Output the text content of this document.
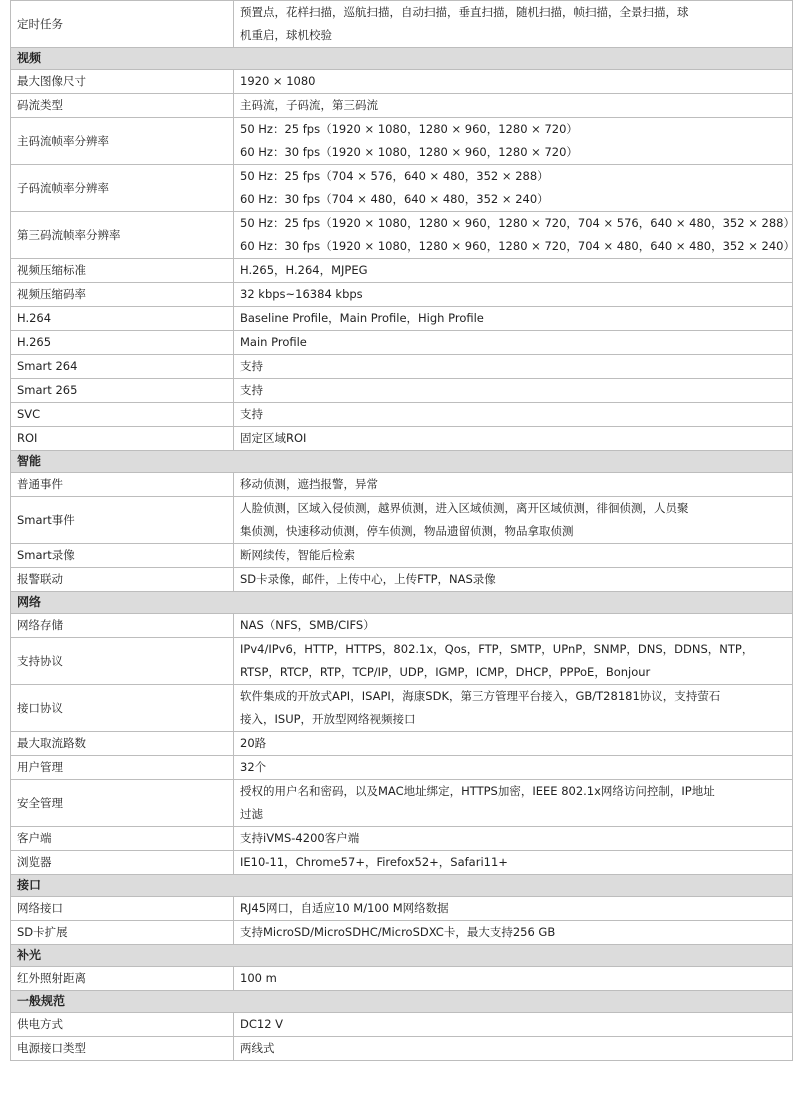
定时任务	预置点，花样扫描，巡航扫描，自动扫描，垂直扫描，随机扫描，帧扫描，全景扫描，球
机重启，球机校验

视频	
最大图像尺寸	1920 × 1080

码流类型	主码流，子码流，第三码流

主码流帧率分辨率	50 Hz：25 fps（1920 × 1080，1280 × 960，1280 × 720）
60 Hz：30 fps（1920 × 1080，1280 × 960，1280 × 720）

子码流帧率分辨率	50 Hz：25 fps（704 × 576，640 × 480，352 × 288）
60 Hz：30 fps（704 × 480，640 × 480，352 × 240）

第三码流帧率分辨率	50 Hz：25 fps（1920 × 1080，1280 × 960，1280 × 720，704 × 576，640 × 480，352 × 288）
60 Hz：30 fps（1920 × 1080，1280 × 960，1280 × 720，704 × 480，640 × 480，352 × 240）

视频压缩标准	H.265，H.264，MJPEG

视频压缩码率	32 kbps~16384 kbps

H.264	Baseline Profile，Main Profile，High Profile

H.265	Main Profile

Smart 264	支持

Smart 265	支持

SVC	支持

ROI	固定区域ROI

智能	
普通事件	移动侦测，遮挡报警，异常

Smart事件	人脸侦测，区域入侵侦测，越界侦测，进入区域侦测，离开区域侦测，徘徊侦测，人员聚
集侦测，快速移动侦测，停车侦测，物品遗留侦测，物品拿取侦测

Smart录像	断网续传，智能后检索

报警联动	SD卡录像，邮件，上传中心，上传FTP，NAS录像

网络	
网络存储	NAS（NFS，SMB/CIFS）

支持协议	IPv4/IPv6，HTTP，HTTPS，802.1x，Qos，FTP，SMTP，UPnP，SNMP，DNS，DDNS，NTP，
RTSP，RTCP，RTP，TCP/IP，UDP，IGMP，ICMP，DHCP，PPPoE，Bonjour

接口协议	软件集成的开放式API，ISAPI，海康SDK，第三方管理平台接入，GB/T28181协议，支持萤石
接入，ISUP，开放型网络视频接口

最大取流路数	20路

用户管理	32个

安全管理	授权的用户名和密码，以及MAC地址绑定，HTTPS加密，IEEE 802.1x网络访问控制，IP地址
过滤

客户端	支持iVMS-4200客户端

浏览器	IE10-11，Chrome57+，Firefox52+，Safari11+

接口	
网络接口	RJ45网口，自适应10 M/100 M网络数据

SD卡扩展	支持MicroSD/MicroSDHC/MicroSDXC卡，最大支持256 GB

补光	
红外照射距离	100 m

一般规范	
供电方式	DC12 V

电源接口类型	两线式
